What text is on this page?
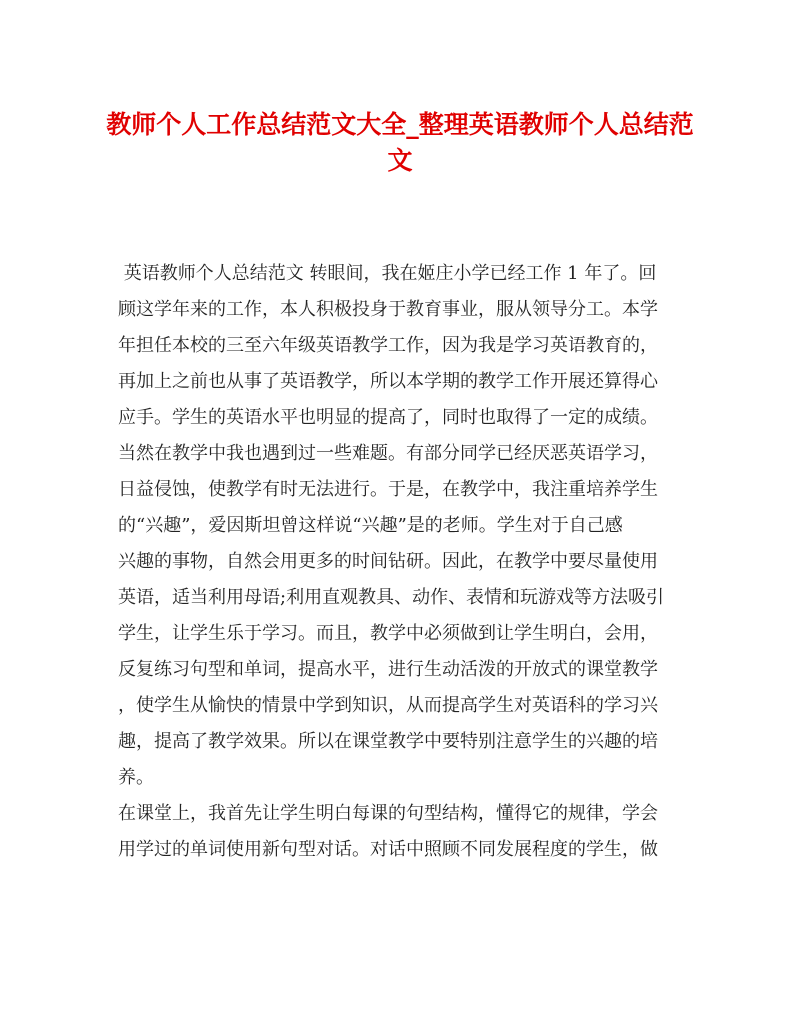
教师个人工作总结范文大全_整理英语教师个人总结范
文
英语教师个人总结范文 转眼间，我在姬庄小学已经工作 1 年了。回
顾这学年来的工作，本人积极投身于教育事业，服从领导分工。本学
年担任本校的三至六年级英语教学工作，因为我是学习英语教育的，
再加上之前也从事了英语教学，所以本学期的教学工作开展还算得心
应手。学生的英语水平也明显的提高了，同时也取得了一定的成绩。
当然在教学中我也遇到过一些难题。有部分同学已经厌恶英语学习，
日益侵蚀，使教学有时无法进行。于是，在教学中，我注重培养学生
的“兴趣”，爱因斯坦曾这样说“兴趣”是的老师。学生对于自己感
兴趣的事物，自然会用更多的时间钻研。因此，在教学中要尽量使用
英语，适当利用母语;利用直观教具、动作、表情和玩游戏等方法吸引
学生，让学生乐于学习。而且，教学中必须做到让学生明白，会用，
反复练习句型和单词，提高水平，进行生动活泼的开放式的课堂教学
，使学生从愉快的情景中学到知识，从而提高学生对英语科的学习兴
趣，提高了教学效果。所以在课堂教学中要特别注意学生的兴趣的培
养。
在课堂上，我首先让学生明白每课的句型结构，懂得它的规律，学会
用学过的单词使用新句型对话。对话中照顾不同发展程度的学生，做
